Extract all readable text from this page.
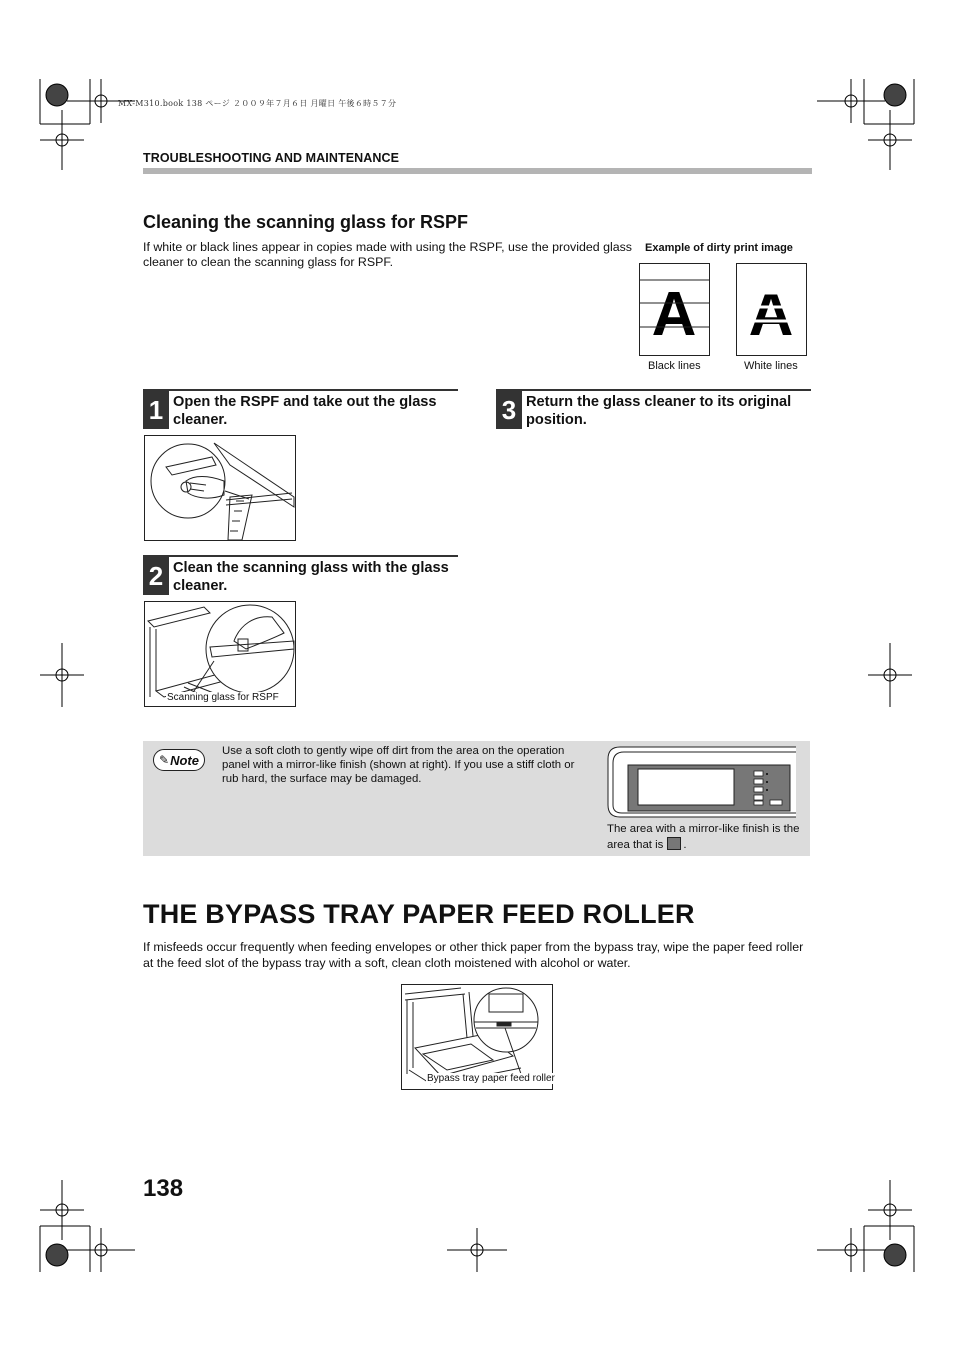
MX-M310.book 138 ページ ２００９年７月６日 月曜日 午後６時５７分
TROUBLESHOOTING AND MAINTENANCE
Cleaning the scanning glass for RSPF
If white or black lines appear in copies made with using the RSPF, use the provided glass cleaner to clean the scanning glass for RSPF.
Example of dirty print image
A A
Black lines	White lines
1 Open the RSPF and take out the glass cleaner.
2 Clean the scanning glass with the glass cleaner.
Scanning glass for RSPF
3 Return the glass cleaner to its original position.
✎ Note
Use a soft cloth to gently wipe off dirt from the area on the operation panel with a mirror-like finish (shown at right). If you use a stiff cloth or rub hard, the surface may be damaged.
The area with a mirror-like finish is the area that is .
THE BYPASS TRAY PAPER FEED ROLLER
If misfeeds occur frequently when feeding envelopes or other thick paper from the bypass tray, wipe the paper feed roller at the feed slot of the bypass tray with a soft, clean cloth moistened with alcohol or water.
Bypass tray paper feed roller
138
